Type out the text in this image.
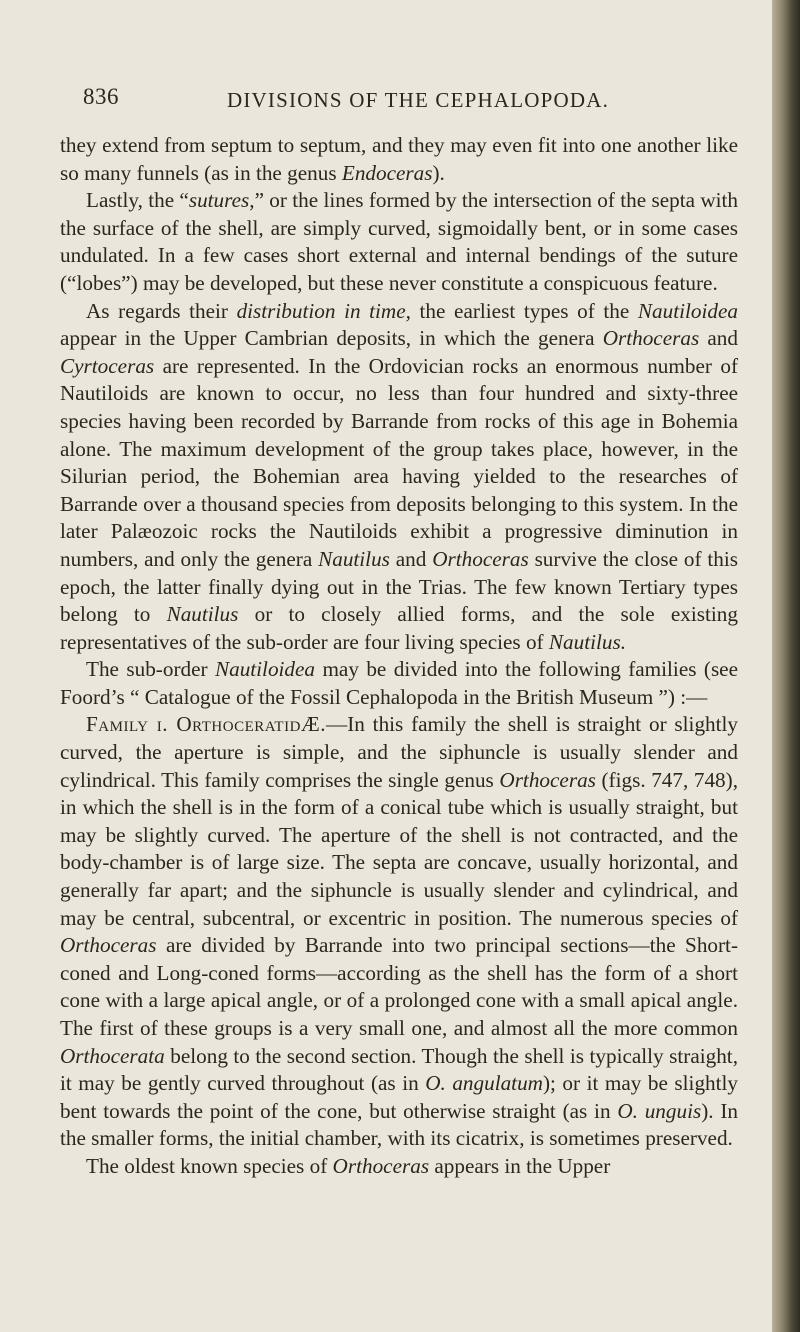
836	DIVISIONS OF THE CEPHALOPODA.

they extend from septum to septum, and they may even fit into one another like so many funnels (as in the genus Endoceras).

Lastly, the “sutures,” or the lines formed by the intersection of the septa with the surface of the shell, are simply curved, sigmoidally bent, or in some cases undulated. In a few cases short external and internal bendings of the suture (“lobes”) may be developed, but these never constitute a conspicuous feature.

As regards their distribution in time, the earliest types of the Nautiloidea appear in the Upper Cambrian deposits, in which the genera Orthoceras and Cyrtoceras are represented. In the Ordovician rocks an enormous number of Nautiloids are known to occur, no less than four hundred and sixty-three species having been recorded by Barrande from rocks of this age in Bohemia alone. The maximum development of the group takes place, however, in the Silurian period, the Bohemian area having yielded to the researches of Barrande over a thousand species from deposits belonging to this system. In the later Palæozoic rocks the Nautiloids exhibit a progressive diminution in numbers, and only the genera Nautilus and Orthoceras survive the close of this epoch, the latter finally dying out in the Trias. The few known Tertiary types belong to Nautilus or to closely allied forms, and the sole existing representatives of the sub-order are four living species of Nautilus.

The sub-order Nautiloidea may be divided into the following families (see Foord’s “ Catalogue of the Fossil Cephalopoda in the British Museum ”) :—

Family i. OrthoceratidÆ.—In this family the shell is straight or slightly curved, the aperture is simple, and the siphuncle is usually slender and cylindrical. This family comprises the single genus Orthoceras (figs. 747, 748), in which the shell is in the form of a conical tube which is usually straight, but may be slightly curved. The aperture of the shell is not contracted, and the body-chamber is of large size. The septa are concave, usually horizontal, and generally far apart; and the siphuncle is usually slender and cylindrical, and may be central, subcentral, or excentric in position. The numerous species of Orthoceras are divided by Barrande into two principal sections—the Short-coned and Long-coned forms—according as the shell has the form of a short cone with a large apical angle, or of a prolonged cone with a small apical angle. The first of these groups is a very small one, and almost all the more common Orthocerata belong to the second section. Though the shell is typically straight, it may be gently curved throughout (as in O. angulatum); or it may be slightly bent towards the point of the cone, but otherwise straight (as in O. unguis). In the smaller forms, the initial chamber, with its cicatrix, is sometimes preserved.

The oldest known species of Orthoceras appears in the Upper
